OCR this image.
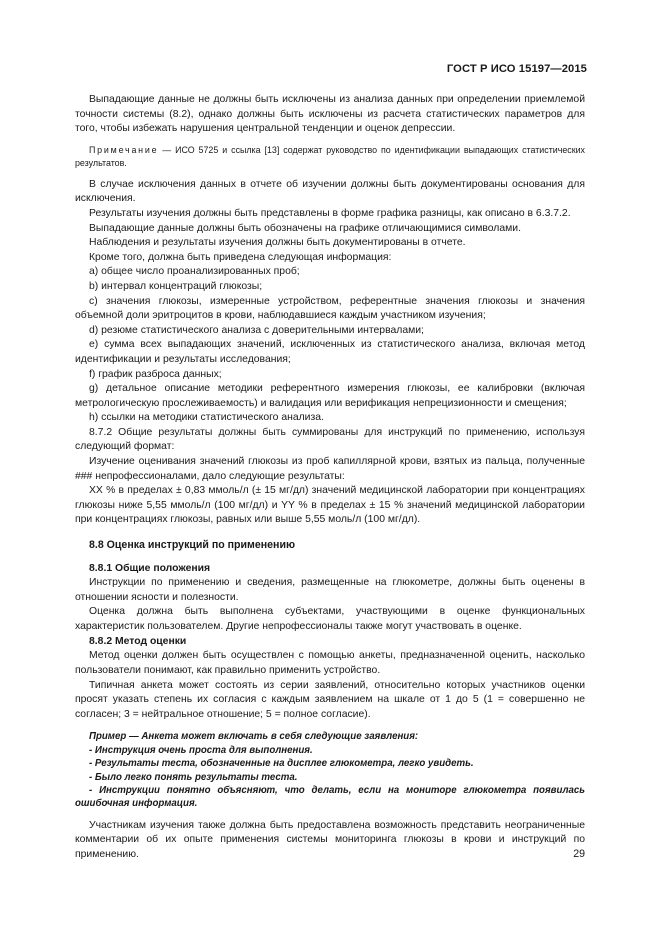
ГОСТ Р ИСО 15197—2015

Выпадающие данные не должны быть исключены из анализа данных при определении приемлемой точности системы (8.2), однако должны быть исключены из расчета статистических параметров для того, чтобы избежать нарушения центральной тенденции и оценок депрессии.

Примечание — ИСО 5725 и ссылка [13] содержат руководство по идентификации выпадающих статистических результатов.

В случае исключения данных в отчете об изучении должны быть документированы основания для исключения.

Результаты изучения должны быть представлены в форме графика разницы, как описано в 6.3.7.2.

Выпадающие данные должны быть обозначены на графике отличающимися символами.

Наблюдения и результаты изучения должны быть документированы в отчете.

Кроме того, должна быть приведена следующая информация:

a) общее число проанализированных проб;

b) интервал концентраций глюкозы;

c) значения глюкозы, измеренные устройством, референтные значения глюкозы и значения объемной доли эритроцитов в крови, наблюдавшиеся каждым участником изучения;

d) резюме статистического анализа с доверительными интервалами;

e) сумма всех выпадающих значений, исключенных из статистического анализа, включая метод идентификации и результаты исследования;

f) график разброса данных;

g) детальное описание методики референтного измерения глюкозы, ее калибровки (включая метрологическую прослеживаемость) и валидация или верификация непрецизионности и смещения;

h) ссылки на методики статистического анализа.

8.7.2 Общие результаты должны быть суммированы для инструкций по применению, используя следующий формат:

Изучение оценивания значений глюкозы из проб капиллярной крови, взятых из пальца, полученные ### непрофессионалами, дало следующие результаты:

XX % в пределах ± 0,83 ммоль/л (± 15 мг/дл) значений медицинской лаборатории при концентрациях глюкозы ниже 5,55 ммоль/л (100 мг/дл) и YY % в пределах ± 15 % значений медицинской лаборатории при концентрациях глюкозы, равных или выше 5,55 моль/л (100 мг/дл).

8.8 Оценка инструкций по применению
8.8.1 Общие положения

Инструкции по применению и сведения, размещенные на глюкометре, должны быть оценены в отношении ясности и полезности.

Оценка должна быть выполнена субъектами, участвующими в оценке функциональных характеристик пользователем. Другие непрофессионалы также могут участвовать в оценке.

8.8.2 Метод оценки

Метод оценки должен быть осуществлен с помощью анкеты, предназначенной оценить, насколько пользователи понимают, как правильно применить устройство.

Типичная анкета может состоять из серии заявлений, относительно которых участников оценки просят указать степень их согласия с каждым заявлением на шкале от 1 до 5 (1 = совершенно не согласен; 3 = нейтральное отношение; 5 = полное согласие).

Пример — Анкета может включать в себя следующие заявления:

- Инструкция очень проста для выполнения.

- Результаты теста, обозначенные на дисплее глюкометра, легко увидеть.

- Было легко понять результаты теста.

- Инструкции понятно объясняют, что делать, если на мониторе глюкометра появилась ошибочная информация.

Участникам изучения также должна быть предоставлена возможность представить неограниченные комментарии об их опыте применения системы мониторинга глюкозы в крови и инструкций по применению.	29
